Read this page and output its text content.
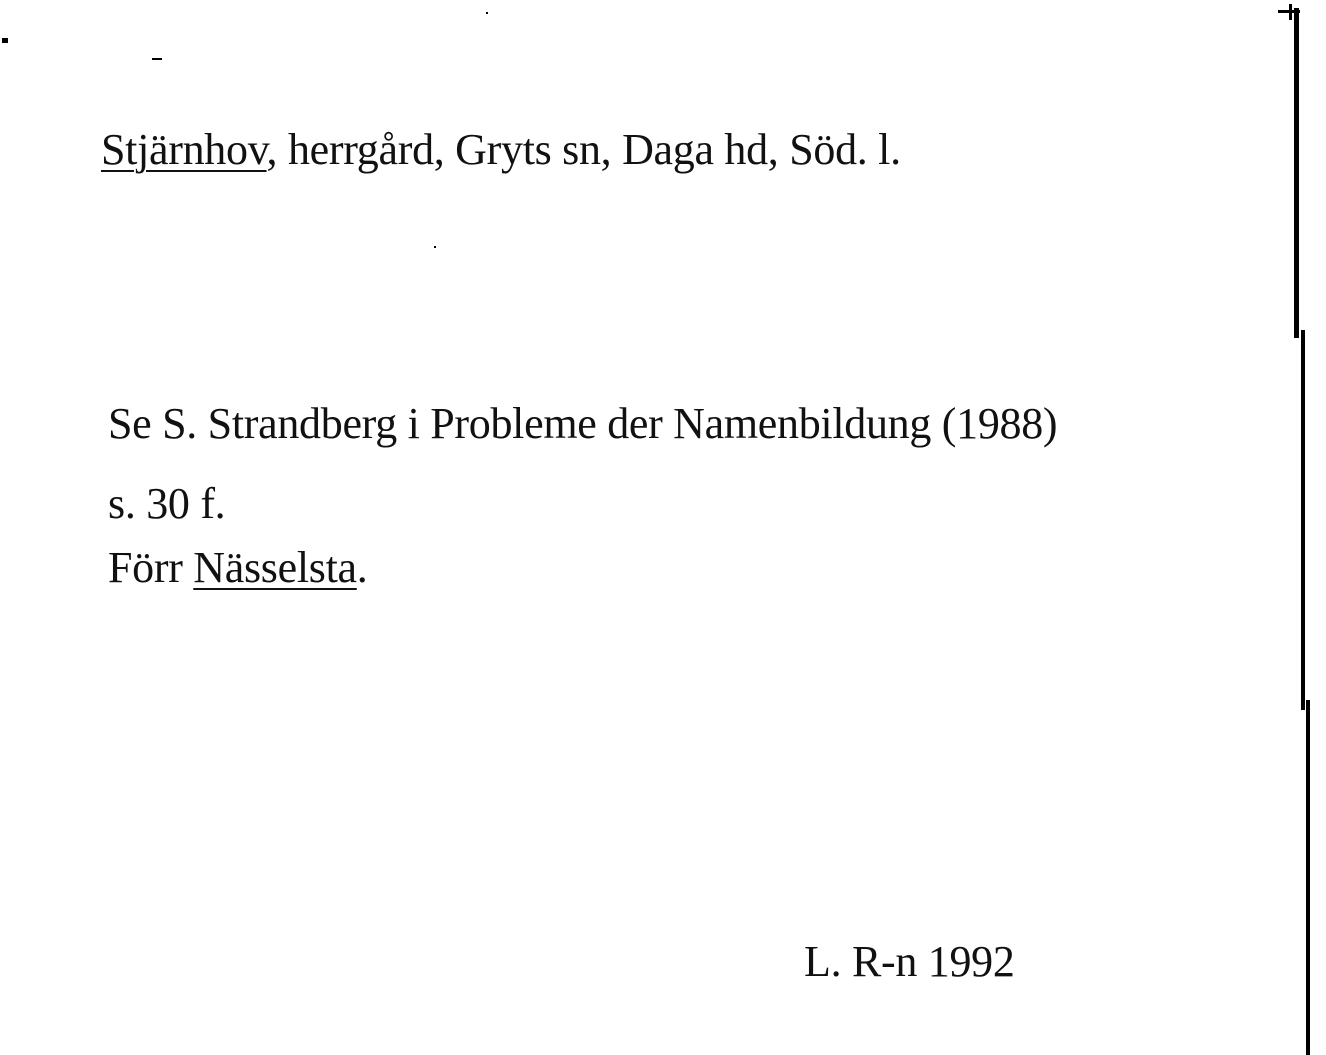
Stjärnhov, herrgård, Gryts sn, Daga hd, Söd. l.
Se S. Strandberg i Probleme der Namenbildung (1988)
s. 30 f.
Förr Nässelsta.
L. R-n 1992
